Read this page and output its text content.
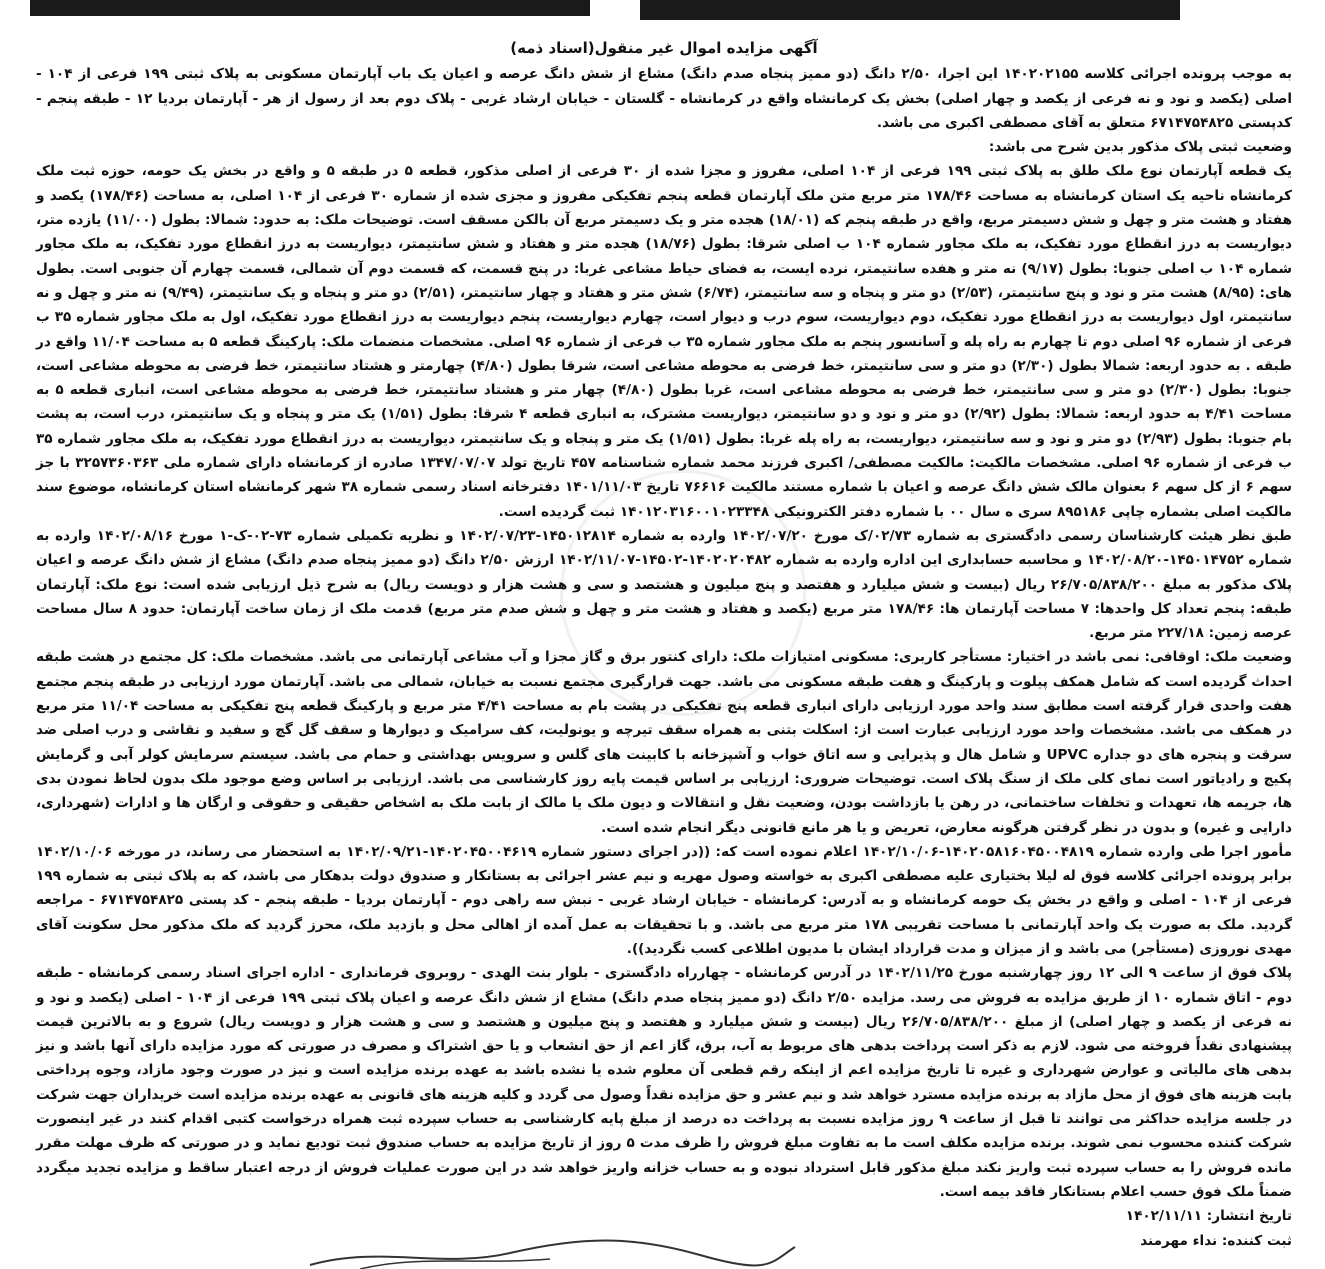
آگهی مزایده اموال غیر منقول(اسناد ذمه)

به موجب پرونده اجرائی کلاسه ۱۴۰۲۰۲۱۵۵ این اجرا، ۲/۵۰ دانگ (دو ممیز پنجاه صدم دانگ) مشاع از شش دانگ عرصه و اعیان یک باب آپارتمان مسکونی به پلاک ثبتی ۱۹۹ فرعی از ۱۰۴ - اصلی (یکصد و نود و نه فرعی از یکصد و چهار اصلی) بخش یک کرمانشاه واقع در کرمانشاه - گلستان - خیابان ارشاد غربی - پلاک دوم بعد از رسول از هر - آپارتمان بردیا ۱۲ - طبقه پنجم - کدپستی ۶۷۱۴۷۵۴۸۲۵ متعلق به آقای مصطفی اکبری می باشد.

وضعیت ثبتی پلاک مذکور بدین شرح می باشد:

یک قطعه آپارتمان نوع ملک طلق به پلاک ثبتی ۱۹۹ فرعی از ۱۰۴ اصلی، مفروز و مجزا شده از ۳۰ فرعی از اصلی مذکور، قطعه ۵ در طبقه ۵ و واقع در بخش یک حومه، حوزه ثبت ملک کرمانشاه ناحیه یک استان کرمانشاه به مساحت ۱۷۸/۴۶ متر مربع متن ملک آپارتمان قطعه پنجم تفکیکی مفروز و مجزی شده از شماره ۳۰ فرعی از ۱۰۴ اصلی، به مساحت (۱۷۸/۴۶) یکصد و هفتاد و هشت متر و چهل و شش دسیمتر مربع، واقع در طبقه پنجم که (۱۸/۰۱) هجده متر و یک دسیمتر مربع آن بالکن مسقف است. توضیحات ملک: به حدود: شمالا: بطول (۱۱/۰۰) یازده متر، دیواریست به درز انقطاع مورد تفکیک، به ملک مجاور شماره ۱۰۴ ب اصلی شرقا: بطول (۱۸/۷۶) هجده متر و هفتاد و شش سانتیمتر، دیواریست به درز انقطاع مورد تفکیک، به ملک مجاور شماره ۱۰۴ ب اصلی جنوبا: بطول (۹/۱۷) نه متر و هفده سانتیمتر، نرده ایست، به فضای حیاط مشاعی غربا: در پنج قسمت، که قسمت دوم آن شمالی، قسمت چهارم آن جنوبی است. بطول های: (۸/۹۵) هشت متر و نود و پنج سانتیمتر، (۲/۵۳) دو متر و پنجاه و سه سانتیمتر، (۶/۷۴) شش متر و هفتاد و چهار سانتیمتر، (۲/۵۱) دو متر و پنجاه و یک سانتیمتر، (۹/۴۹) نه متر و چهل و نه سانتیمتر، اول دیواریست به درز انقطاع مورد تفکیک، دوم دیواریست، سوم درب و دیوار است، چهارم دیواریست، پنجم دیواریست به درز انقطاع مورد تفکیک، اول به ملک مجاور شماره ۳۵ ب فرعی از شماره ۹۶ اصلی دوم تا چهارم به راه پله و آسانسور پنجم به ملک مجاور شماره ۳۵ ب فرعی از شماره ۹۶ اصلی. مشخصات منضمات ملک: پارکینگ قطعه ۵ به مساحت ۱۱/۰۴ واقع در طبقه . به حدود اربعه: شمالا بطول (۲/۳۰) دو متر و سی سانتیمتر، خط فرضی به محوطه مشاعی است، شرقا بطول (۴/۸۰) چهارمتر و هشتاد سانتیمتر، خط فرضی به محوطه مشاعی است، جنوبا: بطول (۲/۳۰) دو متر و سی سانتیمتر، خط فرضی به محوطه مشاعی است، غربا بطول (۴/۸۰) چهار متر و هشتاد سانتیمتر، خط فرضی به محوطه مشاعی است، انباری قطعه ۵ به مساحت ۴/۴۱ به حدود اربعه: شمالا: بطول (۲/۹۲) دو متر و نود و دو سانتیمتر، دیواریست مشترک، به انباری قطعه ۴ شرقا: بطول (۱/۵۱) یک متر و پنجاه و یک سانتیمتر، درب است، به پشت بام جنوبا: بطول (۲/۹۳) دو متر و نود و سه سانتیمتر، دیواریست، به راه پله غربا: بطول (۱/۵۱) یک متر و پنجاه و یک سانتیمتر، دیواریست به درز انقطاع مورد تفکیک، به ملک مجاور شماره ۳۵ ب فرعی از شماره ۹۶ اصلی. مشخصات مالکیت: مالکیت مصطفی/ اکبری فرزند محمد شماره شناسنامه ۴۵۷ تاریخ تولد ۱۳۴۷/۰۷/۰۷ صادره از کرمانشاه دارای شماره ملی ۳۲۵۷۳۶۰۳۶۳ با جز سهم ۶ از کل سهم ۶ بعنوان مالک شش دانگ عرصه و اعیان با شماره مستند مالکیت ۷۶۶۱۶ تاریخ ۱۴۰۱/۱۱/۰۳ دفترخانه اسناد رسمی شماره ۳۸ شهر کرمانشاه استان کرمانشاه، موضوع سند مالکیت اصلی بشماره چاپی ۸۹۵۱۸۶ سری ه سال ۰۰ با شماره دفتر الکترونیکی ۱۴۰۱۲۰۳۱۶۰۰۱۰۲۳۳۴۸ ثبت گردیده است.

طبق نظر هیئت کارشناسان رسمی دادگستری به شماره ۰۲/۷۳/ک مورخ ۱۴۰۲/۰۷/۲۰ وارده به شماره ۱۴۵۰۱۲۸۱۴-۱۴۰۲/۰۷/۲۳ و نظریه تکمیلی شماره ۷۳-۰۲-ک-۱ مورخ ۱۴۰۲/۰۸/۱۶ وارده به شماره ۱۴۵۰۱۴۷۵۲-۱۴۰۲/۰۸/۲۰ و محاسبه حسابداری این اداره وارده به شماره ۱۴۰۲۰۲۰۴۸۲-۱۴۵۰۲-۱۴۰۲/۱۱/۰۷ ارزش ۲/۵۰ دانگ (دو ممیز پنجاه صدم دانگ) مشاع از شش دانگ عرصه و اعیان پلاک مذکور به مبلغ ۲۶/۷۰۵/۸۳۸/۲۰۰ ریال (بیست و شش میلیارد و هفتصد و پنج میلیون و هشتصد و سی و هشت هزار و دویست ریال) به شرح ذیل ارزیابی شده است: نوع ملک: آپارتمان طبقه: پنجم تعداد کل واحدها: ۷ مساحت آپارتمان ها: ۱۷۸/۴۶ متر مربع (یکصد و هفتاد و هشت متر و چهل و شش صدم متر مربع) قدمت ملک از زمان ساخت آپارتمان: حدود ۸ سال مساحت عرصه زمین: ۲۲۷/۱۸ متر مربع.

وضعیت ملک: اوقافی: نمی باشد در اختیار: مستأجر کاربری: مسکونی امتیازات ملک: دارای کنتور برق و گاز مجزا و آب مشاعی آپارتمانی می باشد. مشخصات ملک: کل مجتمع در هشت طبقه احداث گردیده است که شامل همکف پیلوت و پارکینگ و هفت طبقه مسکونی می باشد. جهت قرارگیری مجتمع نسبت به خیابان، شمالی می باشد. آپارتمان مورد ارزیابی در طبقه پنجم مجتمع هفت واحدی قرار گرفته است مطابق سند واحد مورد ارزیابی دارای انباری قطعه پنج تفکیکی در پشت بام به مساحت ۴/۴۱ متر مربع و پارکینگ قطعه پنج تفکیکی به مساحت ۱۱/۰۴ متر مربع در همکف می باشد. مشخصات واحد مورد ارزیابی عبارت است از: اسکلت بتنی به همراه سقف تیرچه و یونولیت، کف سرامیک و دیوارها و سقف گل گچ و سفید و نقاشی و درب اصلی ضد سرقت و پنجره های دو جداره UPVC و شامل هال و پذیرایی و سه اتاق خواب و آشپزخانه با کابینت های گلس و سرویس بهداشتی و حمام می باشد. سیستم سرمایش کولر آبی و گرمایش پکیج و رادیاتور است نمای کلی ملک از سنگ پلاک است. توضیحات ضروری: ارزیابی بر اساس قیمت پایه روز کارشناسی می باشد. ارزیابی بر اساس وضع موجود ملک بدون لحاظ نمودن بدی ها، جریمه ها، تعهدات و تخلفات ساختمانی، در رهن یا بازداشت بودن، وضعیت نقل و انتقالات و دیون ملک یا مالک از بابت ملک به اشخاص حقیقی و حقوقی و ارگان ها و ادارات (شهرداری، دارایی و غیره) و بدون در نظر گرفتن هرگونه معارض، تعریض و یا هر مانع قانونی دیگر انجام شده است.

مأمور اجرا طی وارده شماره ۱۴۰۲۰۵۸۱۶۰۴۵۰۰۴۸۱۹-۱۴۰۲/۱۰/۰۶ اعلام نموده است که: ((در اجرای دستور شماره ۱۴۰۲۰۴۵۰۰۴۶۱۹-۱۴۰۲/۰۹/۲۱ به استحضار می رساند، در مورخه ۱۴۰۲/۱۰/۰۶ برابر پرونده اجرائی کلاسه فوق له لیلا بختیاری علیه مصطفی اکبری به خواسته وصول مهریه و نیم عشر اجرائی به بستانکار و صندوق دولت بدهکار می باشد، که به پلاک ثبتی به شماره ۱۹۹ فرعی از ۱۰۴ - اصلی و واقع در بخش یک حومه کرمانشاه و به آدرس: کرمانشاه - خیابان ارشاد غربی - نبش سه راهی دوم - آپارتمان بردیا - طبقه پنجم - کد پستی ۶۷۱۴۷۵۴۸۲۵ - مراجعه گردید. ملک به صورت یک واحد آپارتمانی با مساحت تقریبی ۱۷۸ متر مربع می باشد. و با تحقیقات به عمل آمده از اهالی محل و بازدید ملک، محرز گردید که ملک مذکور محل سکونت آقای مهدی نوروزی (مستأجر) می باشد و از میزان و مدت قرارداد ایشان با مدیون اطلاعی کسب نگردید)).

پلاک فوق از ساعت ۹ الی ۱۲ روز چهارشنبه مورخ ۱۴۰۲/۱۱/۲۵ در آدرس کرمانشاه - چهارراه دادگستری - بلوار بنت الهدی - روبروی فرمانداری - اداره اجرای اسناد رسمی کرمانشاه - طبقه دوم - اتاق شماره ۱۰ از طریق مزایده به فروش می رسد. مزایده ۲/۵۰ دانگ (دو ممیز پنجاه صدم دانگ) مشاع از شش دانگ عرصه و اعیان پلاک ثبتی ۱۹۹ فرعی از ۱۰۴ - اصلی (یکصد و نود و نه فرعی از یکصد و چهار اصلی) از مبلغ ۲۶/۷۰۵/۸۳۸/۲۰۰ ریال (بیست و شش میلیارد و هفتصد و پنج میلیون و هشتصد و سی و هشت هزار و دویست ریال) شروع و به بالاترین قیمت پیشنهادی نقداً فروخته می شود. لازم به ذکر است پرداخت بدهی های مربوط به آب، برق، گاز اعم از حق انشعاب و یا حق اشتراک و مصرف در صورتی که مورد مزایده دارای آنها باشد و نیز بدهی های مالیاتی و عوارض شهرداری و غیره تا تاریخ مزایده اعم از اینکه رقم قطعی آن معلوم شده یا نشده باشد به عهده برنده مزایده است و نیز در صورت وجود مازاد، وجوه پرداختی بابت هزینه های فوق از محل مازاد به برنده مزایده مسترد خواهد شد و نیم عشر و حق مزایده نقداً وصول می گردد و کلیه هزینه های قانونی به عهده برنده مزایده است خریداران جهت شرکت در جلسه مزایده حداکثر می توانند تا قبل از ساعت ۹ روز مزایده نسبت به پرداخت ده درصد از مبلغ پایه کارشناسی به حساب سپرده ثبت همراه درخواست کتبی اقدام کنند در غیر اینصورت شرکت کننده محسوب نمی شوند. برنده مزایده مکلف است ما به تفاوت مبلغ فروش را ظرف مدت ۵ روز از تاریخ مزایده به حساب صندوق ثبت تودیع نماید و در صورتی که ظرف مهلت مقرر مانده فروش را به حساب سپرده ثبت واریز نکند مبلغ مذکور قابل استرداد نبوده و به حساب خزانه واریز خواهد شد در این صورت عملیات فروش از درجه اعتبار ساقط و مزایده تجدید میگردد ضمناً ملک فوق حسب اعلام بستانکار فاقد بیمه است.

تاریخ انتشار: ۱۴۰۲/۱۱/۱۱

ثبت کننده: نداء مهرمند
